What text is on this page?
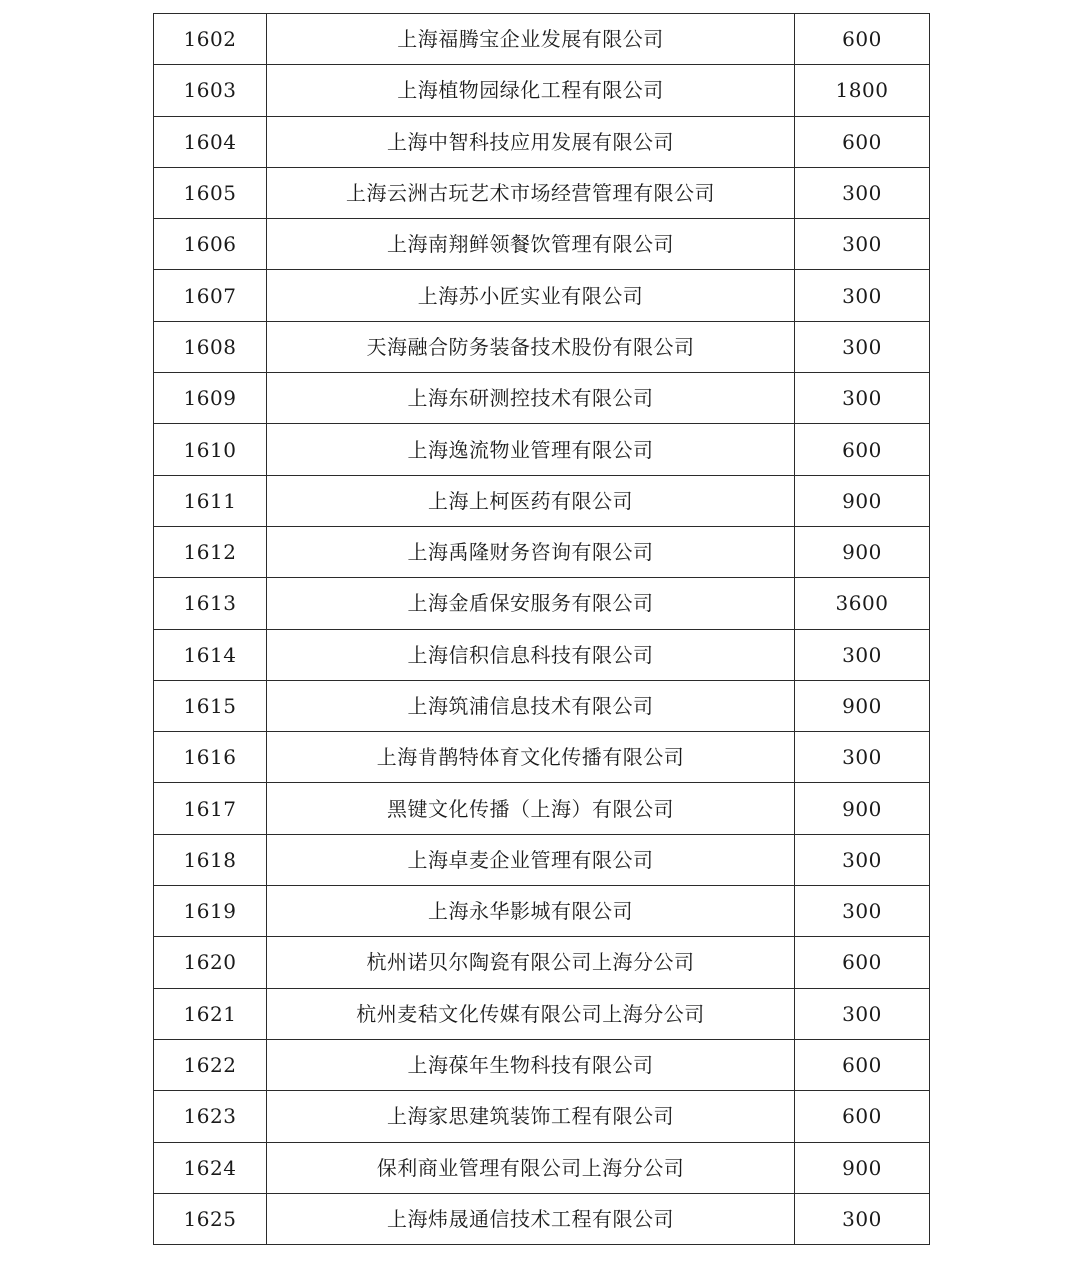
1602	上海福腾宝企业发展有限公司	600
1603	上海植物园绿化工程有限公司	1800
1604	上海中智科技应用发展有限公司	600
1605	上海云洲古玩艺术市场经营管理有限公司	300
1606	上海南翔鲜领餐饮管理有限公司	300
1607	上海苏小匠实业有限公司	300
1608	天海融合防务装备技术股份有限公司	300
1609	上海东研测控技术有限公司	300
1610	上海逸流物业管理有限公司	600
1611	上海上柯医药有限公司	900
1612	上海禹隆财务咨询有限公司	900
1613	上海金盾保安服务有限公司	3600
1614	上海信积信息科技有限公司	300
1615	上海筑浦信息技术有限公司	900
1616	上海肯鹊特体育文化传播有限公司	300
1617	黑键文化传播（上海）有限公司	900
1618	上海卓麦企业管理有限公司	300
1619	上海永华影城有限公司	300
1620	杭州诺贝尔陶瓷有限公司上海分公司	600
1621	杭州麦秸文化传媒有限公司上海分公司	300
1622	上海葆年生物科技有限公司	600
1623	上海家思建筑装饰工程有限公司	600
1624	保利商业管理有限公司上海分公司	900
1625	上海炜晟通信技术工程有限公司	300
